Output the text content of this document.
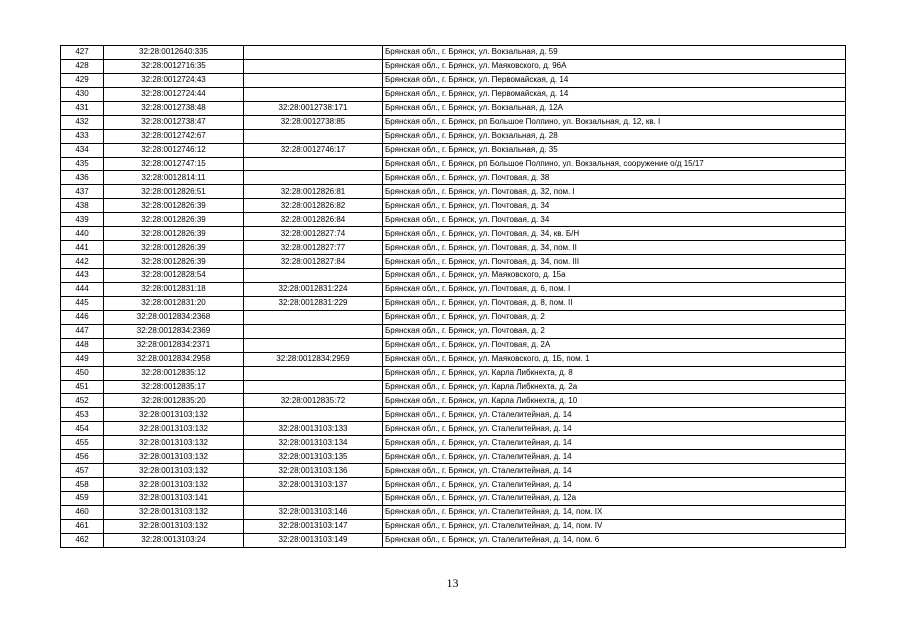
427	32:28:0012640:335		Брянская обл., г. Брянск, ул. Вокзальная, д. 59
428	32:28:0012716:35		Брянская обл., г. Брянск, ул. Маяковского, д. 96А
429	32:28:0012724:43		Брянская обл., г. Брянск, ул. Первомайская, д. 14
430	32:28:0012724:44		Брянская обл., г. Брянск, ул. Первомайская, д. 14
431	32:28:0012738:48	32:28:0012738:171	Брянская обл., г. Брянск, ул. Вокзальная, д. 12А
432	32:28:0012738:47	32:28:0012738:85	Брянская обл., г. Брянск, рп Большое Полпино, ул. Вокзальная, д. 12, кв. I
433	32:28:0012742:67		Брянская обл., г. Брянск, ул. Вокзальная, д. 28
434	32:28:0012746:12	32:28:0012746:17	Брянская обл., г. Брянск, ул. Вокзальная, д. 35
435	32:28:0012747:15		Брянская обл., г. Брянск, рп Большое Полпино, ул. Вокзальная, сооружение о/д 15/17
436	32:28:0012814:11		Брянская обл., г. Брянск, ул. Почтовая, д. 38
437	32:28:0012826:51	32:28:0012826:81	Брянская обл., г. Брянск, ул. Почтовая, д. 32, пом. I
438	32:28:0012826:39	32:28:0012826:82	Брянская обл., г. Брянск, ул. Почтовая, д. 34
439	32:28:0012826:39	32:28:0012826:84	Брянская обл., г. Брянск, ул. Почтовая, д. 34
440	32:28:0012826:39	32:28:0012827:74	Брянская обл., г. Брянск, ул. Почтовая, д. 34, кв. Б/Н
441	32:28:0012826:39	32:28:0012827:77	Брянская обл., г. Брянск, ул. Почтовая, д. 34, пом. II
442	32:28:0012826:39	32:28:0012827:84	Брянская обл., г. Брянск, ул. Почтовая, д. 34, пом. III
443	32:28:0012828:54		Брянская обл., г. Брянск, ул. Маяковского, д. 15а
444	32:28:0012831:18	32:28:0012831:224	Брянская обл., г. Брянск, ул. Почтовая, д. 6, пом. I
445	32:28:0012831:20	32:28:0012831:229	Брянская обл., г. Брянск, ул. Почтовая, д. 8, пом. II
446	32:28:0012834:2368		Брянская обл., г. Брянск, ул. Почтовая, д. 2
447	32:28:0012834:2369		Брянская обл., г. Брянск, ул. Почтовая, д. 2
448	32:28:0012834:2371		Брянская обл., г. Брянск, ул. Почтовая, д. 2А
449	32:28:0012834:2958	32:28:0012834:2959	Брянская обл., г. Брянск, ул. Маяковского, д. 1Б, пом. 1
450	32:28:0012835:12		Брянская обл., г. Брянск, ул. Карла Либкнехта, д. 8
451	32:28:0012835:17		Брянская обл., г. Брянск, ул. Карла Либкнехта, д. 2а
452	32:28:0012835:20	32:28:0012835:72	Брянская обл., г. Брянск, ул. Карла Либкнехта, д. 10
453	32:28:0013103:132		Брянская обл., г. Брянск, ул. Сталелитейная, д. 14
454	32:28:0013103:132	32:28:0013103:133	Брянская обл., г. Брянск, ул. Сталелитейная, д. 14
455	32:28:0013103:132	32:28:0013103:134	Брянская обл., г. Брянск, ул. Сталелитейная, д. 14
456	32:28:0013103:132	32:28:0013103:135	Брянская обл., г. Брянск, ул. Сталелитейная, д. 14
457	32:28:0013103:132	32:28:0013103:136	Брянская обл., г. Брянск, ул. Сталелитейная, д. 14
458	32:28:0013103:132	32:28:0013103:137	Брянская обл., г. Брянск, ул. Сталелитейная, д. 14
459	32:28:0013103:141		Брянская обл., г. Брянск, ул. Сталелитейная, д. 12а
460	32:28:0013103:132	32:28:0013103:146	Брянская обл., г. Брянск, ул. Сталелитейная, д. 14, пом. IX
461	32:28:0013103:132	32:28:0013103:147	Брянская обл., г. Брянск, ул. Сталелитейная, д. 14, пом. IV
462	32:28:0013103:24	32:28:0013103:149	Брянская обл., г. Брянск, ул. Сталелитейная, д. 14, пом. 6
13
